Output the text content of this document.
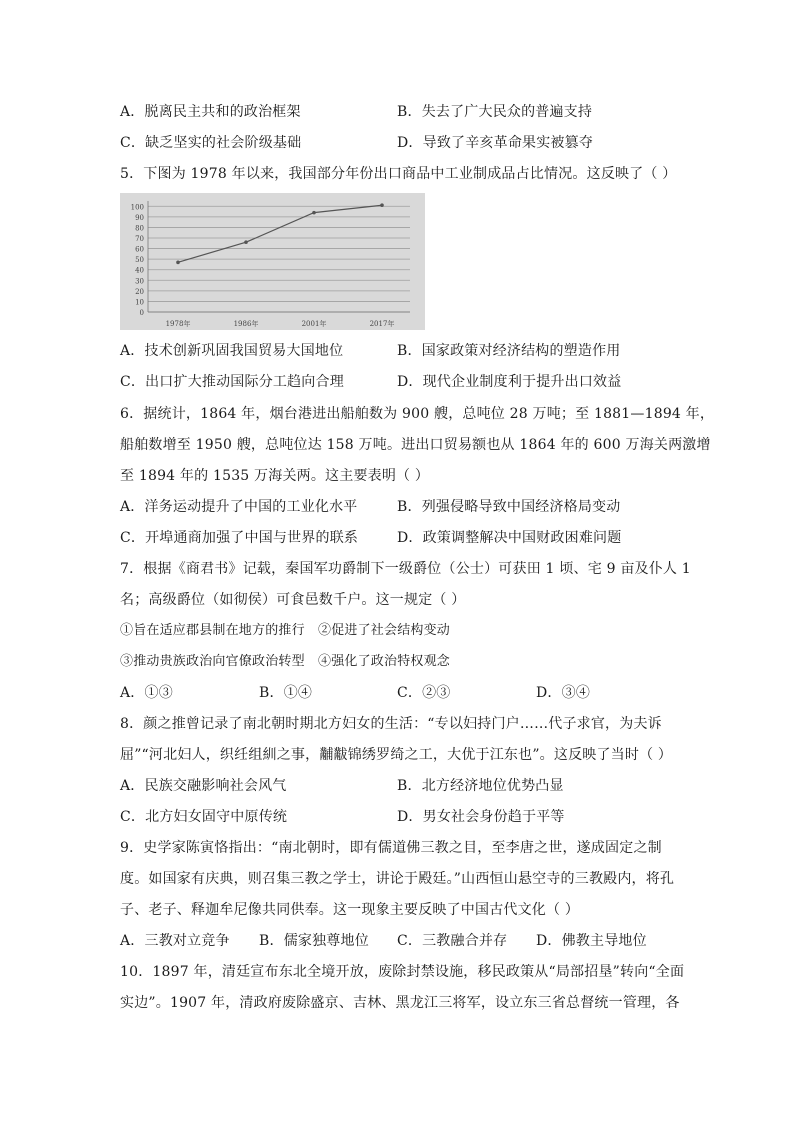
A．脱离民主共和的政治框架	B．失去了广大民众的普遍支持
C．缺乏坚实的社会阶级基础	D．导致了辛亥革命果实被篡夺
5．下图为 1978 年以来，我国部分年份出口商品中工业制成品占比情况。这反映了（ ）
100
90
80
70
60
50
40
30
20
10
0
1978年	1986年	2001年	2017年
A．技术创新巩固我国贸易大国地位	B．国家政策对经济结构的塑造作用
C．出口扩大推动国际分工趋向合理	D．现代企业制度利于提升出口效益
6．据统计，1864 年，烟台港进出船舶数为 900 艘，总吨位 28 万吨；至 1881—1894 年，
船舶数增至 1950 艘，总吨位达 158 万吨。进出口贸易额也从 1864 年的 600 万海关两激增
至 1894 年的 1535 万海关两。这主要表明（ ）
A．洋务运动提升了中国的工业化水平	B．列强侵略导致中国经济格局变动
C．开埠通商加强了中国与世界的联系	D．政策调整解决中国财政困难问题
7．根据《商君书》记载，秦国军功爵制下一级爵位（公士）可获田 1 顷、宅 9 亩及仆人 1
名；高级爵位（如彻侯）可食邑数千户。这一规定（ ）
①旨在适应郡县制在地方的推行　②促进了社会结构变动
③推动贵族政治向官僚政治转型　④强化了政治特权观念
A．①③	B．①④	C．②③	D．③④
8．颜之推曾记录了南北朝时期北方妇女的生活：“专以妇持门户……代子求官，为夫诉
屈”“河北妇人，织纴组紃之事，黼黻锦绣罗绮之工，大优于江东也”。这反映了当时（ ）
A．民族交融影响社会风气	B．北方经济地位优势凸显
C．北方妇女固守中原传统	D．男女社会身份趋于平等
9．史学家陈寅恪指出：“南北朝时，即有儒道佛三教之目，至李唐之世，遂成固定之制
度。如国家有庆典，则召集三教之学士，讲论于殿廷。”山西恒山悬空寺的三教殿内，将孔
子、老子、释迦牟尼像共同供奉。这一现象主要反映了中国古代文化（ ）
A．三教对立竞争 B．儒家独尊地位 C．三教融合并存 D．佛教主导地位
10．1897 年，清廷宣布东北全境开放，废除封禁设施，移民政策从“局部招垦”转向“全面
实边”。1907 年，清政府废除盛京、吉林、黑龙江三将军，设立东三省总督统一管理，各
